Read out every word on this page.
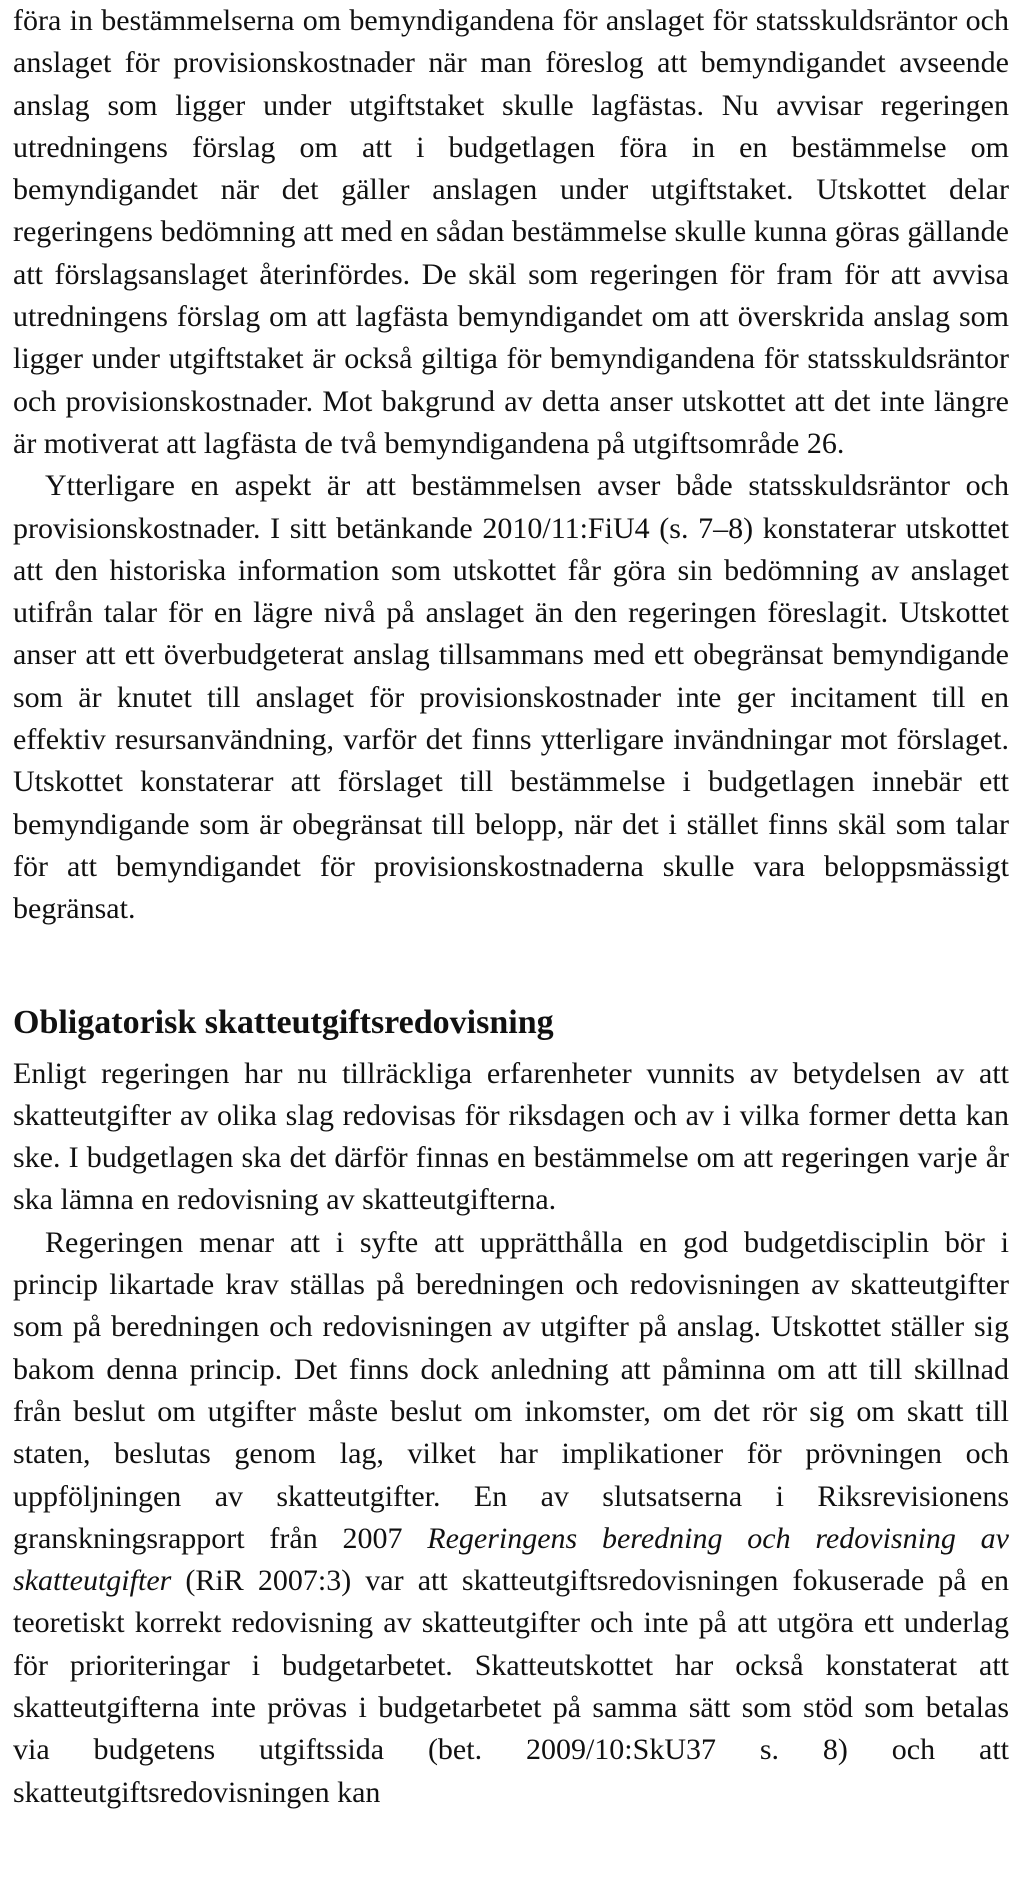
föra in bestämmelserna om bemyndigandena för anslaget för statsskuldsräntor och anslaget för provisionskostnader när man föreslog att bemyndigandet avseende anslag som ligger under utgiftstaket skulle lagfästas. Nu avvisar regeringen utredningens förslag om att i budgetlagen föra in en bestämmelse om bemyndigandet när det gäller anslagen under utgiftstaket. Utskottet delar regeringens bedömning att med en sådan bestämmelse skulle kunna göras gällande att förslagsanslaget återinfördes. De skäl som regeringen för fram för att avvisa utredningens förslag om att lagfästa bemyndigandet om att överskrida anslag som ligger under utgiftstaket är också giltiga för bemyndigandena för statsskuldsräntor och provisionskostnader. Mot bakgrund av detta anser utskottet att det inte längre är motiverat att lagfästa de två bemyndigandena på utgiftsområde 26.

Ytterligare en aspekt är att bestämmelsen avser både statsskuldsräntor och provisionskostnader. I sitt betänkande 2010/11:FiU4 (s. 7–8) konstaterar utskottet att den historiska information som utskottet får göra sin bedömning av anslaget utifrån talar för en lägre nivå på anslaget än den regeringen föreslagit. Utskottet anser att ett överbudgeterat anslag tillsammans med ett obegränsat bemyndigande som är knutet till anslaget för provisionskostnader inte ger incitament till en effektiv resursanvändning, varför det finns ytterligare invändningar mot förslaget. Utskottet konstaterar att förslaget till bestämmelse i budgetlagen innebär ett bemyndigande som är obegränsat till belopp, när det i stället finns skäl som talar för att bemyndigandet för provisionskostnaderna skulle vara beloppsmässigt begränsat.

Obligatorisk skatteutgiftsredovisning

Enligt regeringen har nu tillräckliga erfarenheter vunnits av betydelsen av att skatteutgifter av olika slag redovisas för riksdagen och av i vilka former detta kan ske. I budgetlagen ska det därför finnas en bestämmelse om att regeringen varje år ska lämna en redovisning av skatteutgifterna.

Regeringen menar att i syfte att upprätthålla en god budgetdisciplin bör i princip likartade krav ställas på beredningen och redovisningen av skatteutgifter som på beredningen och redovisningen av utgifter på anslag. Utskottet ställer sig bakom denna princip. Det finns dock anledning att påminna om att till skillnad från beslut om utgifter måste beslut om inkomster, om det rör sig om skatt till staten, beslutas genom lag, vilket har implikationer för prövningen och uppföljningen av skatteutgifter. En av slutsatserna i Riksrevisionens granskningsrapport från 2007 Regeringens beredning och redovisning av skatteutgifter (RiR 2007:3) var att skatteutgiftsredovisningen fokuserade på en teoretiskt korrekt redovisning av skatteutgifter och inte på att utgöra ett underlag för prioriteringar i budgetarbetet. Skatteutskottet har också konstaterat att skatteutgifterna inte prövas i budgetarbetet på samma sätt som stöd som betalas via budgetens utgiftssida (bet. 2009/10:SkU37 s. 8) och att skatteutgiftsredovisningen kan
